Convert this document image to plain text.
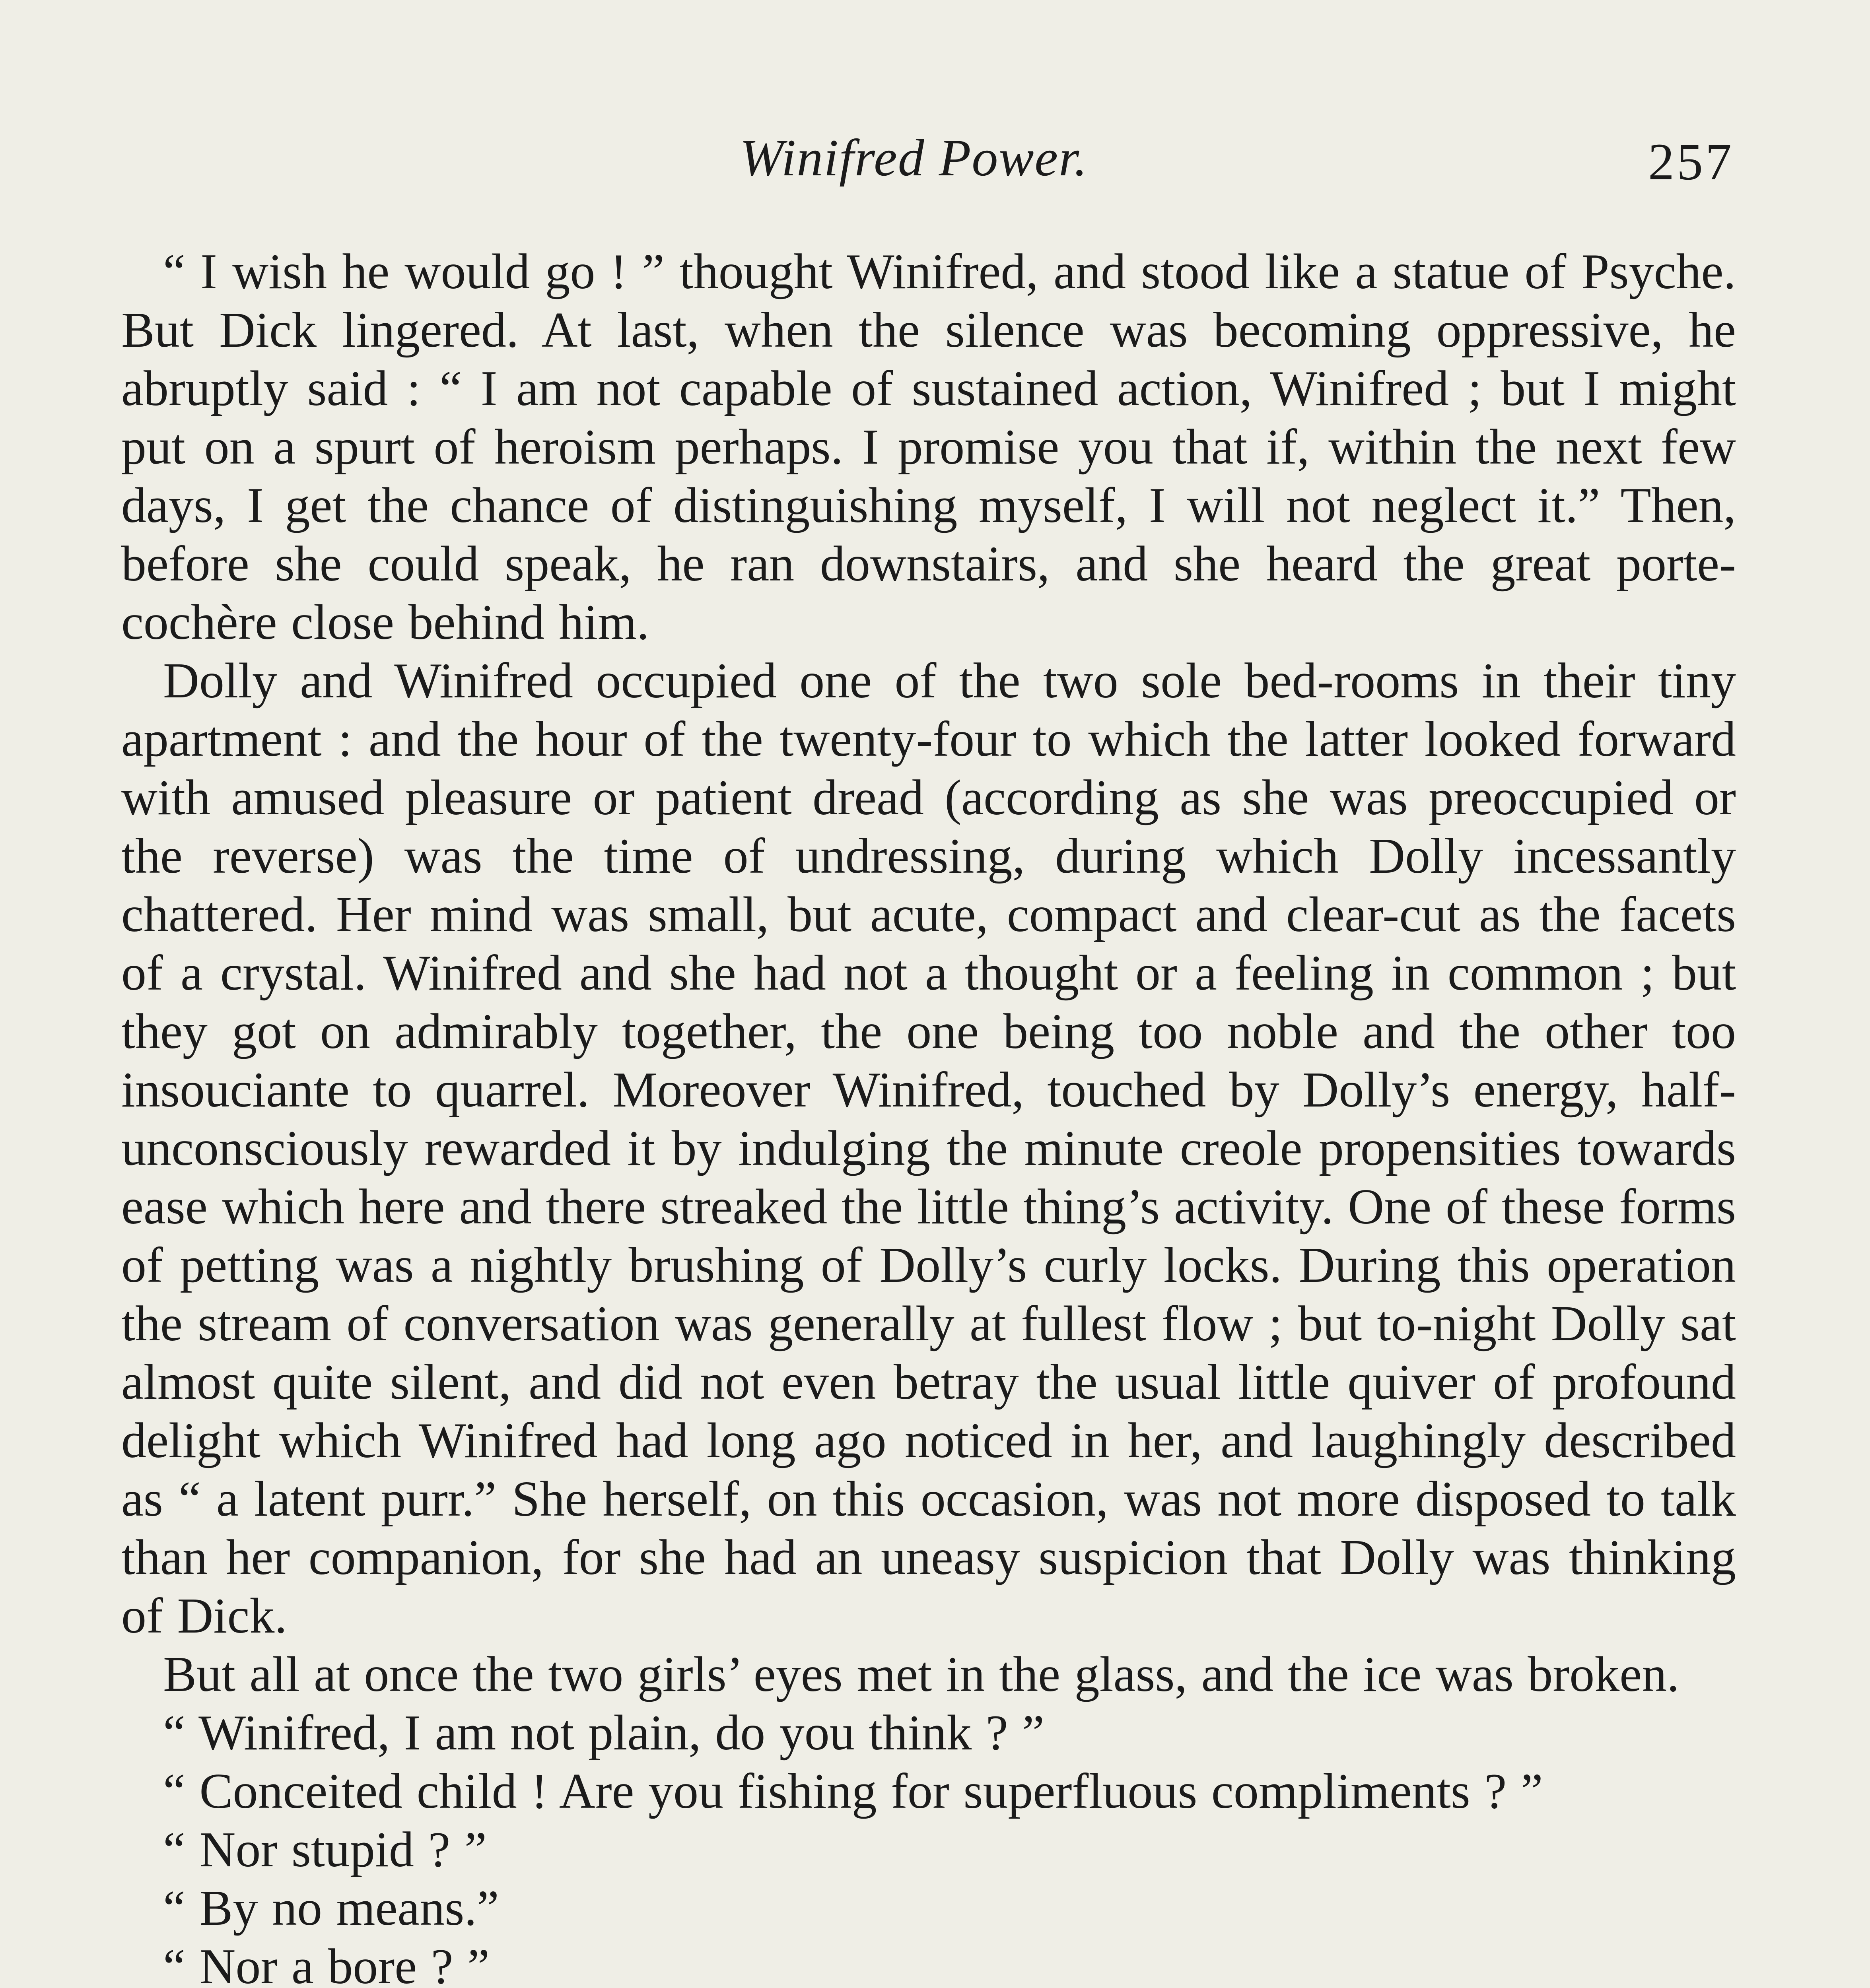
Winifred Power.	257

“ I wish he would go ! ” thought Winifred, and stood like a statue of Psyche. But Dick lingered. At last, when the silence was becoming oppressive, he abruptly said : “ I am not capable of sustained action, Winifred ; but I might put on a spurt of heroism perhaps. I promise you that if, within the next few days, I get the chance of distinguishing myself, I will not neglect it.” Then, before she could speak, he ran downstairs, and she heard the great porte-cochère close behind him.

Dolly and Winifred occupied one of the two sole bed-rooms in their tiny apartment : and the hour of the twenty-four to which the latter looked forward with amused pleasure or patient dread (according as she was preoccupied or the reverse) was the time of undressing, during which Dolly incessantly chattered. Her mind was small, but acute, compact and clear-cut as the facets of a crystal. Winifred and she had not a thought or a feeling in common ; but they got on admirably together, the one being too noble and the other too insouciante to quarrel. Moreover Winifred, touched by Dolly’s energy, half-unconsciously rewarded it by indulging the minute creole propensities towards ease which here and there streaked the little thing’s activity. One of these forms of petting was a nightly brushing of Dolly’s curly locks. During this operation the stream of conversation was generally at fullest flow ; but to-night Dolly sat almost quite silent, and did not even betray the usual little quiver of profound delight which Winifred had long ago noticed in her, and laughingly described as “ a latent purr.” She herself, on this occasion, was not more disposed to talk than her companion, for she had an uneasy suspicion that Dolly was thinking of Dick.

But all at once the two girls’ eyes met in the glass, and the ice was broken.

“ Winifred, I am not plain, do you think ? ”

“ Conceited child ! Are you fishing for superfluous compliments ? ”

“ Nor stupid ? ”

“ By no means.”

“ Nor a bore ? ”
